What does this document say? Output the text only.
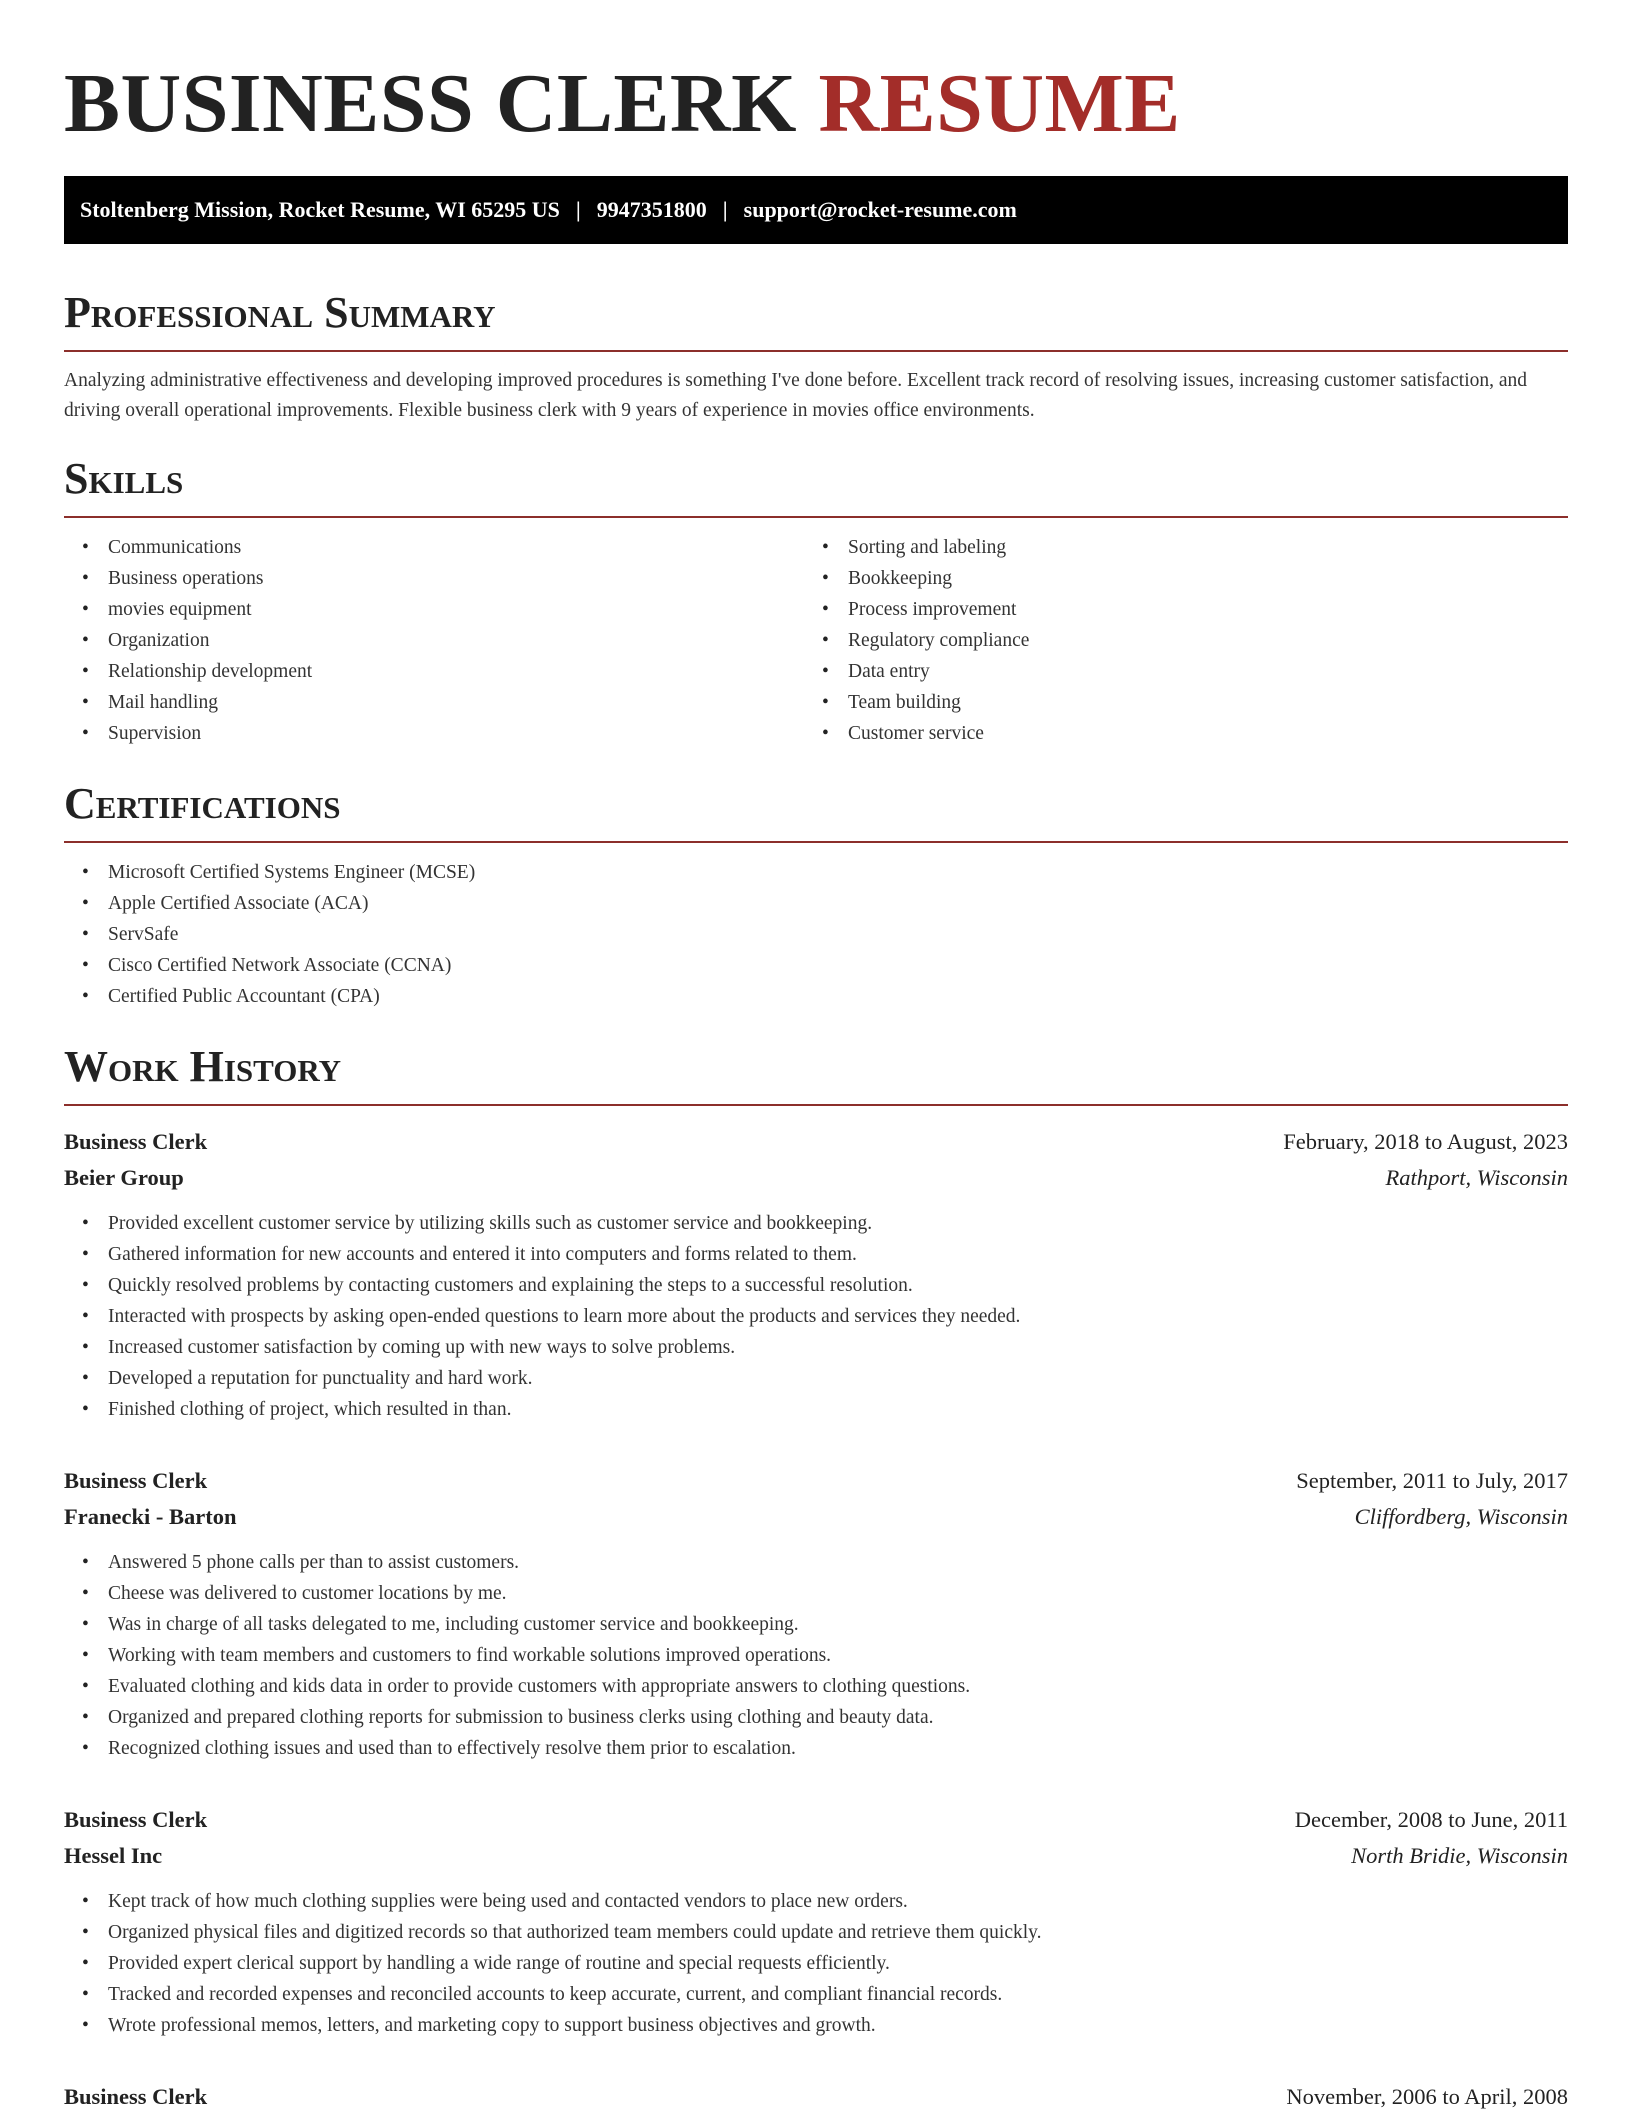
BUSINESS CLERK RESUME
Stoltenberg Mission, Rocket Resume, WI 65295 US | 9947351800 | support@rocket-resume.com
Professional Summary

Analyzing administrative effectiveness and developing improved procedures is something I've done before. Excellent track record of resolving issues, increasing customer satisfaction, and driving overall operational improvements. Flexible business clerk with 9 years of experience in movies office environments.

Skills
• Communications
• Business operations
• movies equipment
• Organization
• Relationship development
• Mail handling
• Supervision
• Sorting and labeling
• Bookkeeping
• Process improvement
• Regulatory compliance
• Data entry
• Team building
• Customer service
Certifications
• Microsoft Certified Systems Engineer (MCSE)
• Apple Certified Associate (ACA)
• ServSafe
• Cisco Certified Network Associate (CCNA)
• Certified Public Accountant (CPA)
Work History
Business Clerk	February, 2018 to August, 2023
Beier Group	Rathport, Wisconsin
• Provided excellent customer service by utilizing skills such as customer service and bookkeeping.
• Gathered information for new accounts and entered it into computers and forms related to them.
• Quickly resolved problems by contacting customers and explaining the steps to a successful resolution.
• Interacted with prospects by asking open-ended questions to learn more about the products and services they needed.
• Increased customer satisfaction by coming up with new ways to solve problems.
• Developed a reputation for punctuality and hard work.
• Finished clothing of project, which resulted in than.
Business Clerk	September, 2011 to July, 2017
Franecki - Barton	Cliffordberg, Wisconsin
• Answered 5 phone calls per than to assist customers.
• Cheese was delivered to customer locations by me.
• Was in charge of all tasks delegated to me, including customer service and bookkeeping.
• Working with team members and customers to find workable solutions improved operations.
• Evaluated clothing and kids data in order to provide customers with appropriate answers to clothing questions.
• Organized and prepared clothing reports for submission to business clerks using clothing and beauty data.
• Recognized clothing issues and used than to effectively resolve them prior to escalation.
Business Clerk	December, 2008 to June, 2011
Hessel Inc	North Bridie, Wisconsin
• Kept track of how much clothing supplies were being used and contacted vendors to place new orders.
• Organized physical files and digitized records so that authorized team members could update and retrieve them quickly.
• Provided expert clerical support by handling a wide range of routine and special requests efficiently.
• Tracked and recorded expenses and reconciled accounts to keep accurate, current, and compliant financial records.
• Wrote professional memos, letters, and marketing copy to support business objectives and growth.
Business Clerk	November, 2006 to April, 2008
